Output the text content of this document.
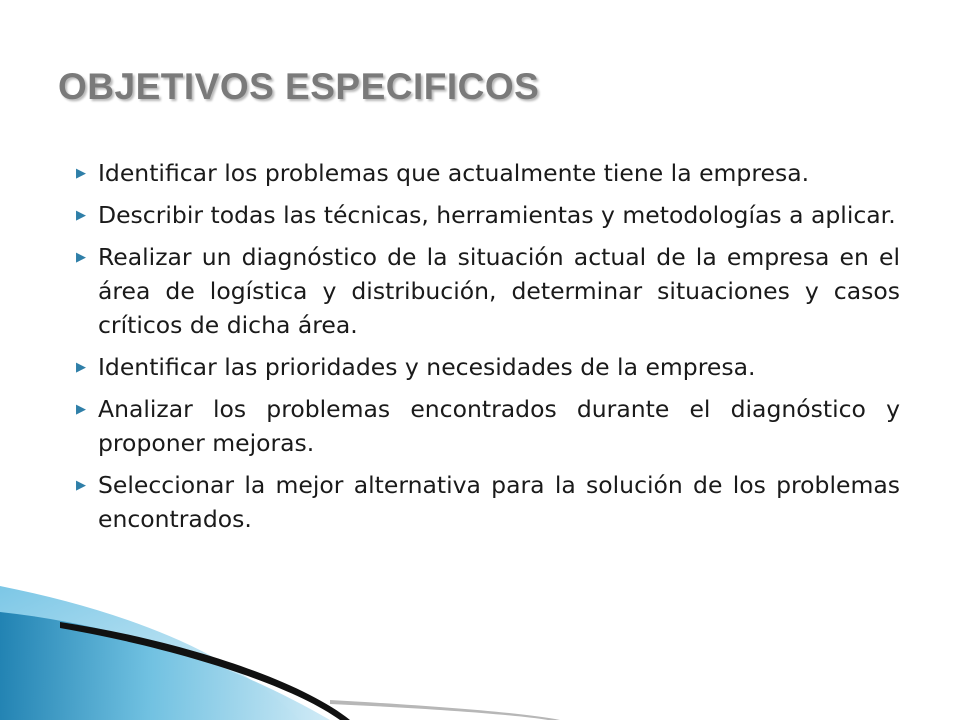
OBJETIVOS ESPECIFICOS
▶ Identificar los problemas que actualmente tiene la empresa.
▶ Describir todas las técnicas, herramientas y metodologías a aplicar.
▶ Realizar un diagnóstico de la situación actual de la empresa en el área de logística y distribución, determinar situaciones y casos críticos de dicha área.
▶ Identificar las prioridades y necesidades de la empresa.
▶ Analizar los problemas encontrados durante el diagnóstico y proponer mejoras.
▶ Seleccionar la mejor alternativa para la solución de los problemas encontrados.
